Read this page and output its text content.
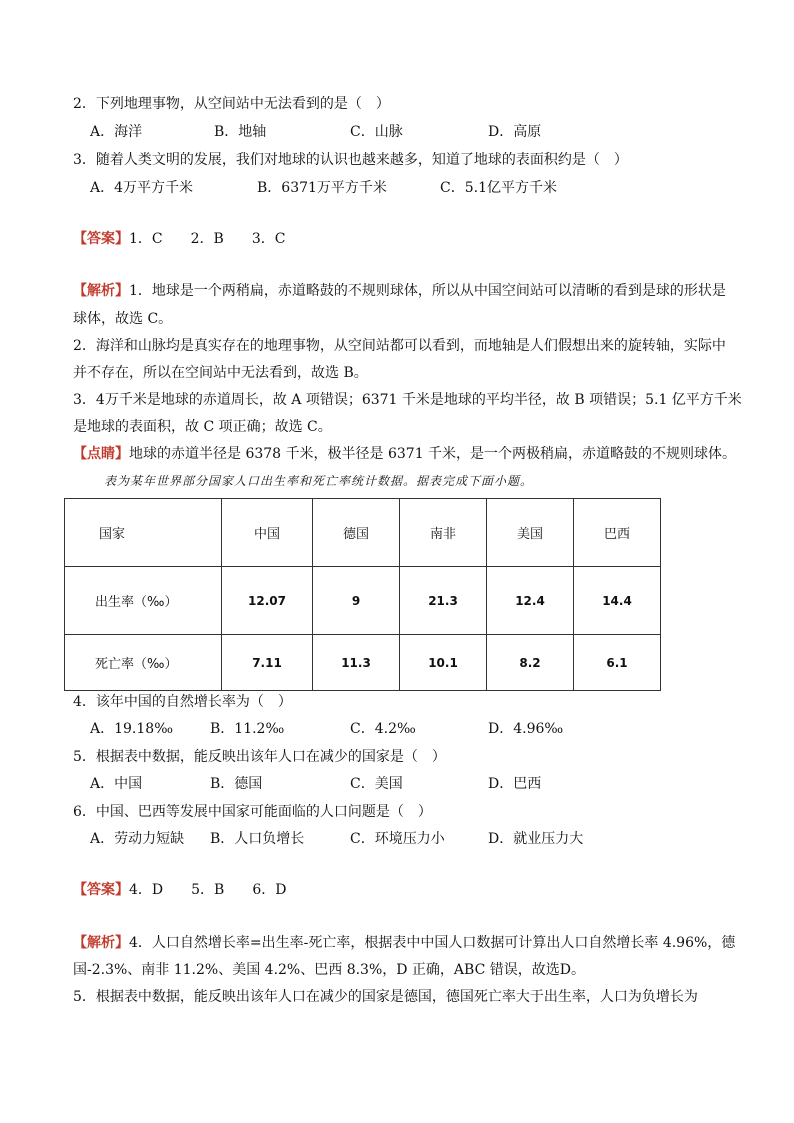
2．下列地理事物，从空间站中无法看到的是（　）
A．海洋	B．地轴	C．山脉	D．高原
3．随着人类文明的发展，我们对地球的认识也越来越多，知道了地球的表面积约是（　）
A．4万平方千米	B．6371万平方千米	C．5.1亿平方千米
【答案】1．C　　2．B　　3．C
【解析】1．地球是一个两稍扁，赤道略鼓的不规则球体，所以从中国空间站可以清晰的看到是球的形状是
球体，故选 C。
2．海洋和山脉均是真实存在的地理事物，从空间站都可以看到，而地轴是人们假想出来的旋转轴，实际中
并不存在，所以在空间站中无法看到，故选 B。
3．4万千米是地球的赤道周长，故 A 项错误；6371 千米是地球的平均半径，故 B 项错误；5.1 亿平方千米
是地球的表面积，故 C 项正确；故选 C。
【点睛】地球的赤道半径是 6378 千米，极半径是 6371 千米，是一个两极稍扁，赤道略鼓的不规则球体。
表为某年世界部分国家人口出生率和死亡率统计数据。据表完成下面小题。
国家	中国	德国	南非	美国	巴西
出生率（‰）	12.07	9	21.3	12.4	14.4
死亡率（‰）	7.11	11.3	10.1	8.2	6.1
4．该年中国的自然增长率为（　）
A．19.18‰	B．11.2‰	C．4.2‰	D．4.96‰
5．根据表中数据，能反映出该年人口在减少的国家是（　）
A．中国	B．德国	C．美国	D．巴西
6．中国、巴西等发展中国家可能面临的人口问题是（　）
A．劳动力短缺 B．人口负增长	C．环境压力小	D．就业压力大
【答案】4．D　　5．B　　6．D
【解析】4．人口自然增长率=出生率-死亡率，根据表中中国人口数据可计算出人口自然增长率 4.96%，德
国-2.3%、南非 11.2%、美国 4.2%、巴西 8.3%，D 正确，ABC 错误，故选D。
5．根据表中数据，能反映出该年人口在减少的国家是德国，德国死亡率大于出生率，人口为负增长为
